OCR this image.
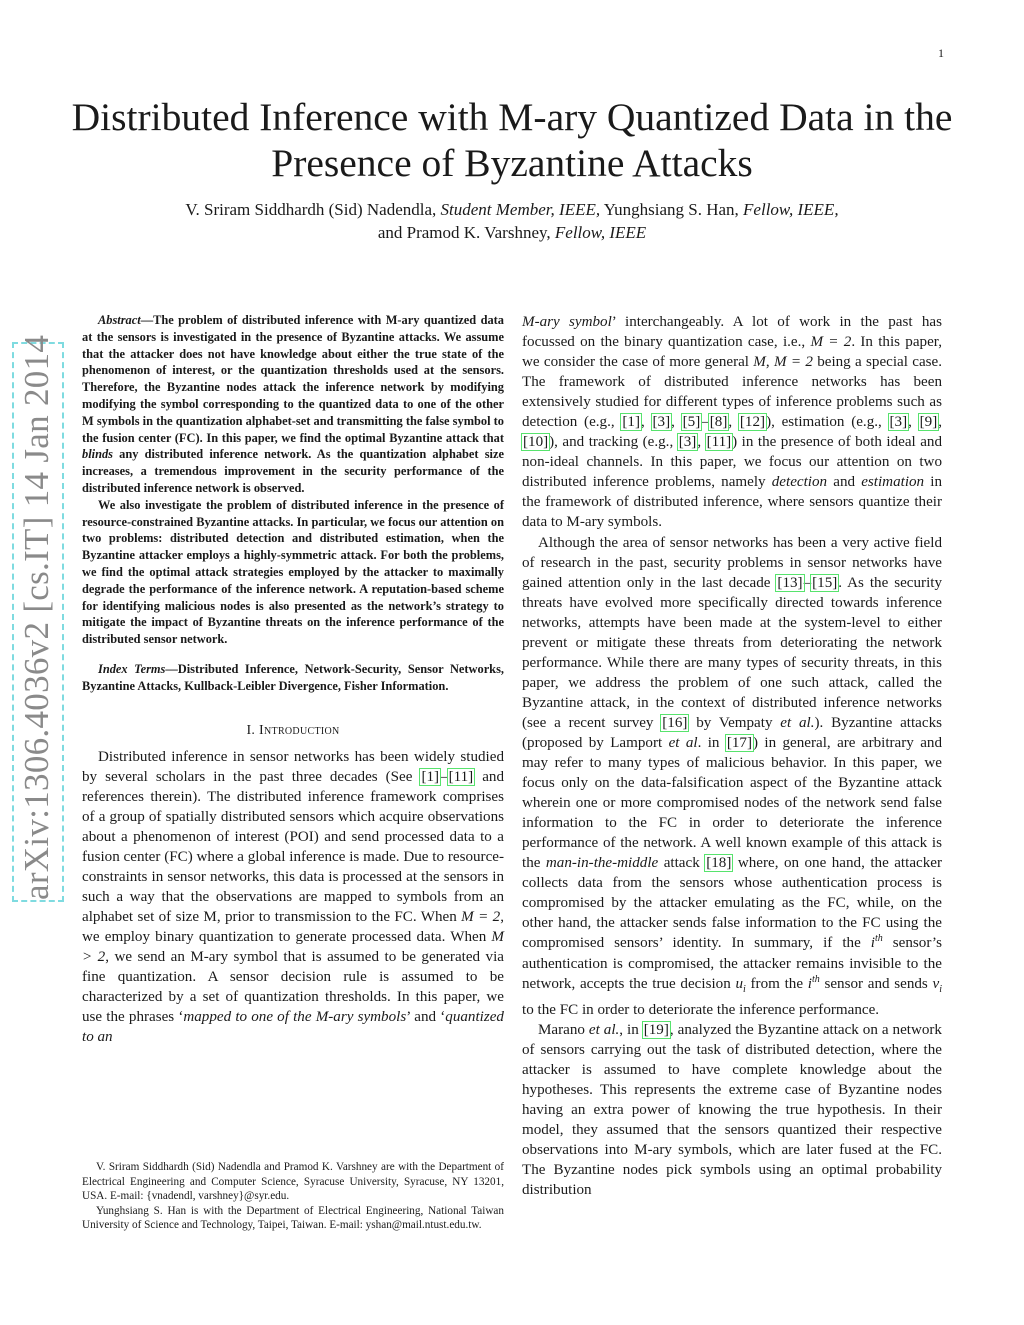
1
Distributed Inference with M-ary Quantized Data in the Presence of Byzantine Attacks
V. Sriram Siddhardh (Sid) Nadendla, Student Member, IEEE, Yunghsiang S. Han, Fellow, IEEE,
and Pramod K. Varshney, Fellow, IEEE
arXiv:1306.4036v2 [cs.IT] 14 Jan 2014

Abstract—The problem of distributed inference with M-ary quantized data at the sensors is investigated in the presence of Byzantine attacks. We assume that the attacker does not have knowledge about either the true state of the phenomenon of interest, or the quantization thresholds used at the sensors. Therefore, the Byzantine nodes attack the inference network by modifying modifying the symbol corresponding to the quantized data to one of the other M symbols in the quantization alphabet-set and transmitting the false symbol to the fusion center (FC). In this paper, we find the optimal Byzantine attack that blinds any distributed inference network. As the quantization alphabet size increases, a tremendous improvement in the security performance of the distributed inference network is observed.

We also investigate the problem of distributed inference in the presence of resource-constrained Byzantine attacks. In particular, we focus our attention on two problems: distributed detection and distributed estimation, when the Byzantine attacker employs a highly-symmetric attack. For both the problems, we find the optimal attack strategies employed by the attacker to maximally degrade the performance of the inference network. A reputation-based scheme for identifying malicious nodes is also presented as the network’s strategy to mitigate the impact of Byzantine threats on the inference performance of the distributed sensor network.

Index Terms—Distributed Inference, Network-Security, Sensor Networks, Byzantine Attacks, Kullback-Leibler Divergence, Fisher Information.
I. Introduction

Distributed inference in sensor networks has been widely studied by several scholars in the past three decades (See [1]–[11] and references therein). The distributed inference framework comprises of a group of spatially distributed sensors which acquire observations about a phenomenon of interest (POI) and send processed data to a fusion center (FC) where a global inference is made. Due to resource-constraints in sensor networks, this data is processed at the sensors in such a way that the observations are mapped to symbols from an alphabet set of size M, prior to transmission to the FC. When M = 2, we employ binary quantization to generate processed data. When M > 2, we send an M-ary symbol that is assumed to be generated via fine quantization. A sensor decision rule is assumed to be characterized by a set of quantization thresholds. In this paper, we use the phrases ‘mapped to one of the M-ary symbols’ and ‘quantized to an

V. Sriram Siddhardh (Sid) Nadendla and Pramod K. Varshney are with the Department of Electrical Engineering and Computer Science, Syracuse University, Syracuse, NY 13201, USA. E-mail: {vnadendl, varshney}@syr.edu.

Yunghsiang S. Han is with the Department of Electrical Engineering, National Taiwan University of Science and Technology, Taipei, Taiwan. E-mail: yshan@mail.ntust.edu.tw.

M-ary symbol’ interchangeably. A lot of work in the past has focussed on the binary quantization case, i.e., M = 2. In this paper, we consider the case of more general M, M = 2 being a special case. The framework of distributed inference networks has been extensively studied for different types of inference problems such as detection (e.g., [1], [3], [5]–[8], [12]), estimation (e.g., [3], [9], [10]), and tracking (e.g., [3], [11]) in the presence of both ideal and non-ideal channels. In this paper, we focus our attention on two distributed inference problems, namely detection and estimation in the framework of distributed inference, where sensors quantize their data to M-ary symbols.

Although the area of sensor networks has been a very active field of research in the past, security problems in sensor networks have gained attention only in the last decade [13]–[15]. As the security threats have evolved more specifically directed towards inference networks, attempts have been made at the system-level to either prevent or mitigate these threats from deteriorating the network performance. While there are many types of security threats, in this paper, we address the problem of one such attack, called the Byzantine attack, in the context of distributed inference networks (see a recent survey [16] by Vempaty et al.). Byzantine attacks (proposed by Lamport et al. in [17]) in general, are arbitrary and may refer to many types of malicious behavior. In this paper, we focus only on the data-falsification aspect of the Byzantine attack wherein one or more compromised nodes of the network send false information to the FC in order to deteriorate the inference performance of the network. A well known example of this attack is the man-in-the-middle attack [18] where, on one hand, the attacker collects data from the sensors whose authentication process is compromised by the attacker emulating as the FC, while, on the other hand, the attacker sends false information to the FC using the compromised sensors’ identity. In summary, if the $i^{th}$ sensor’s authentication is compromised, the attacker remains invisible to the network, accepts the true decision $u_i$ from the $i^{th}$ sensor and sends $v_i$ to the FC in order to deteriorate the inference performance.

Marano et al., in [19], analyzed the Byzantine attack on a network of sensors carrying out the task of distributed detection, where the attacker is assumed to have complete knowledge about the hypotheses. This represents the extreme case of Byzantine nodes having an extra power of knowing the true hypothesis. In their model, they assumed that the sensors quantized their respective observations into M-ary symbols, which are later fused at the FC. The Byzantine nodes pick symbols using an optimal probability distribution
